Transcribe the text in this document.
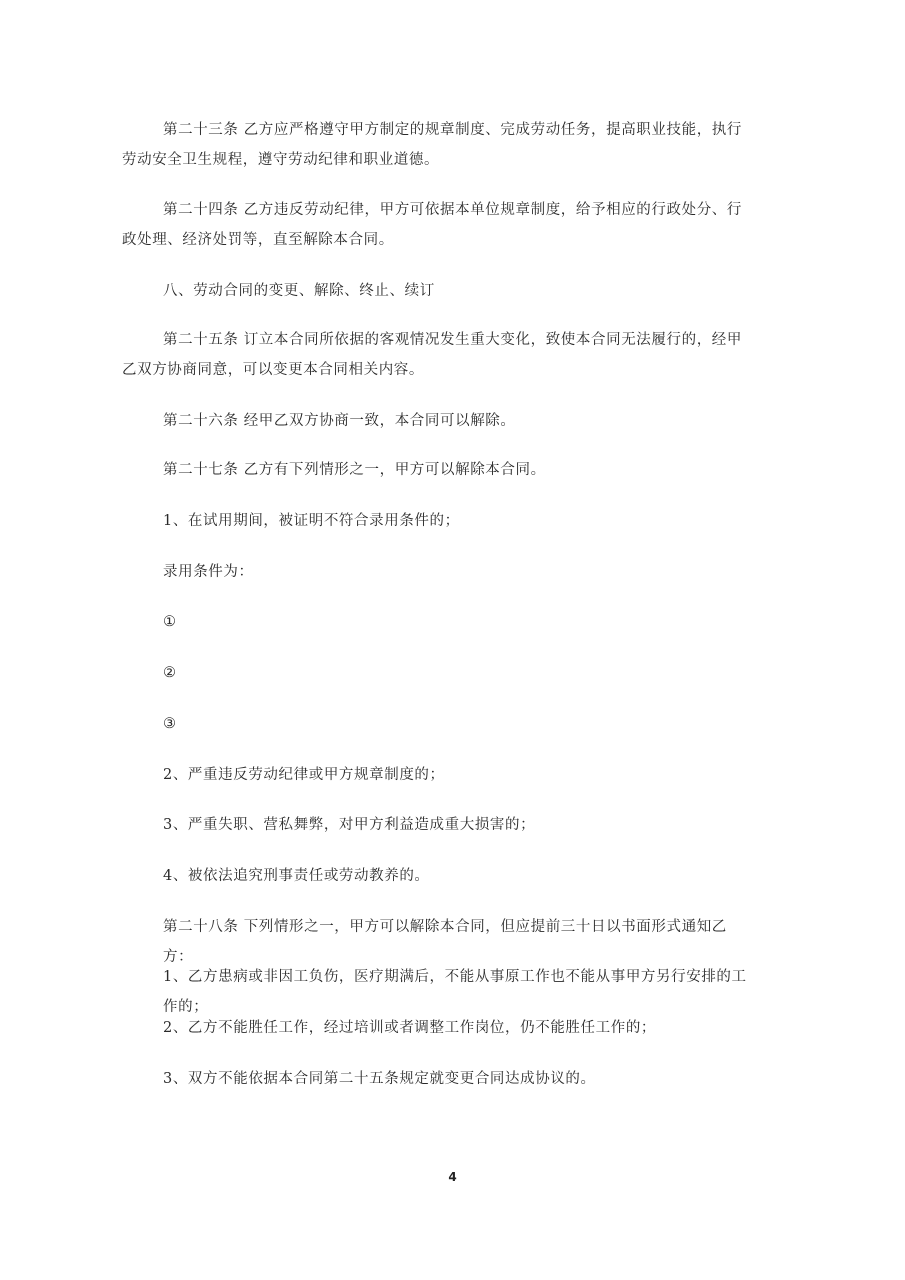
第二十三条 乙方应严格遵守甲方制定的规章制度、完成劳动任务，提高职业技能，执行劳动安全卫生规程，遵守劳动纪律和职业道德。

第二十四条 乙方违反劳动纪律，甲方可依据本单位规章制度，给予相应的行政处分、行政处理、经济处罚等，直至解除本合同。

八、劳动合同的变更、解除、终止、续订

第二十五条 订立本合同所依据的客观情况发生重大变化，致使本合同无法履行的，经甲乙双方协商同意，可以变更本合同相关内容。

第二十六条 经甲乙双方协商一致，本合同可以解除。

第二十七条 乙方有下列情形之一，甲方可以解除本合同。

1、在试用期间，被证明不符合录用条件的；

录用条件为：

①

②

③

2、严重违反劳动纪律或甲方规章制度的；

3、严重失职、营私舞弊，对甲方利益造成重大损害的；

4、被依法追究刑事责任或劳动教养的。

第二十八条 下列情形之一，甲方可以解除本合同，但应提前三十日以书面形式通知乙方：

1、乙方患病或非因工负伤，医疗期满后，不能从事原工作也不能从事甲方另行安排的工作的；

2、乙方不能胜任工作，经过培训或者调整工作岗位，仍不能胜任工作的；

3、双方不能依据本合同第二十五条规定就变更合同达成协议的。

4
